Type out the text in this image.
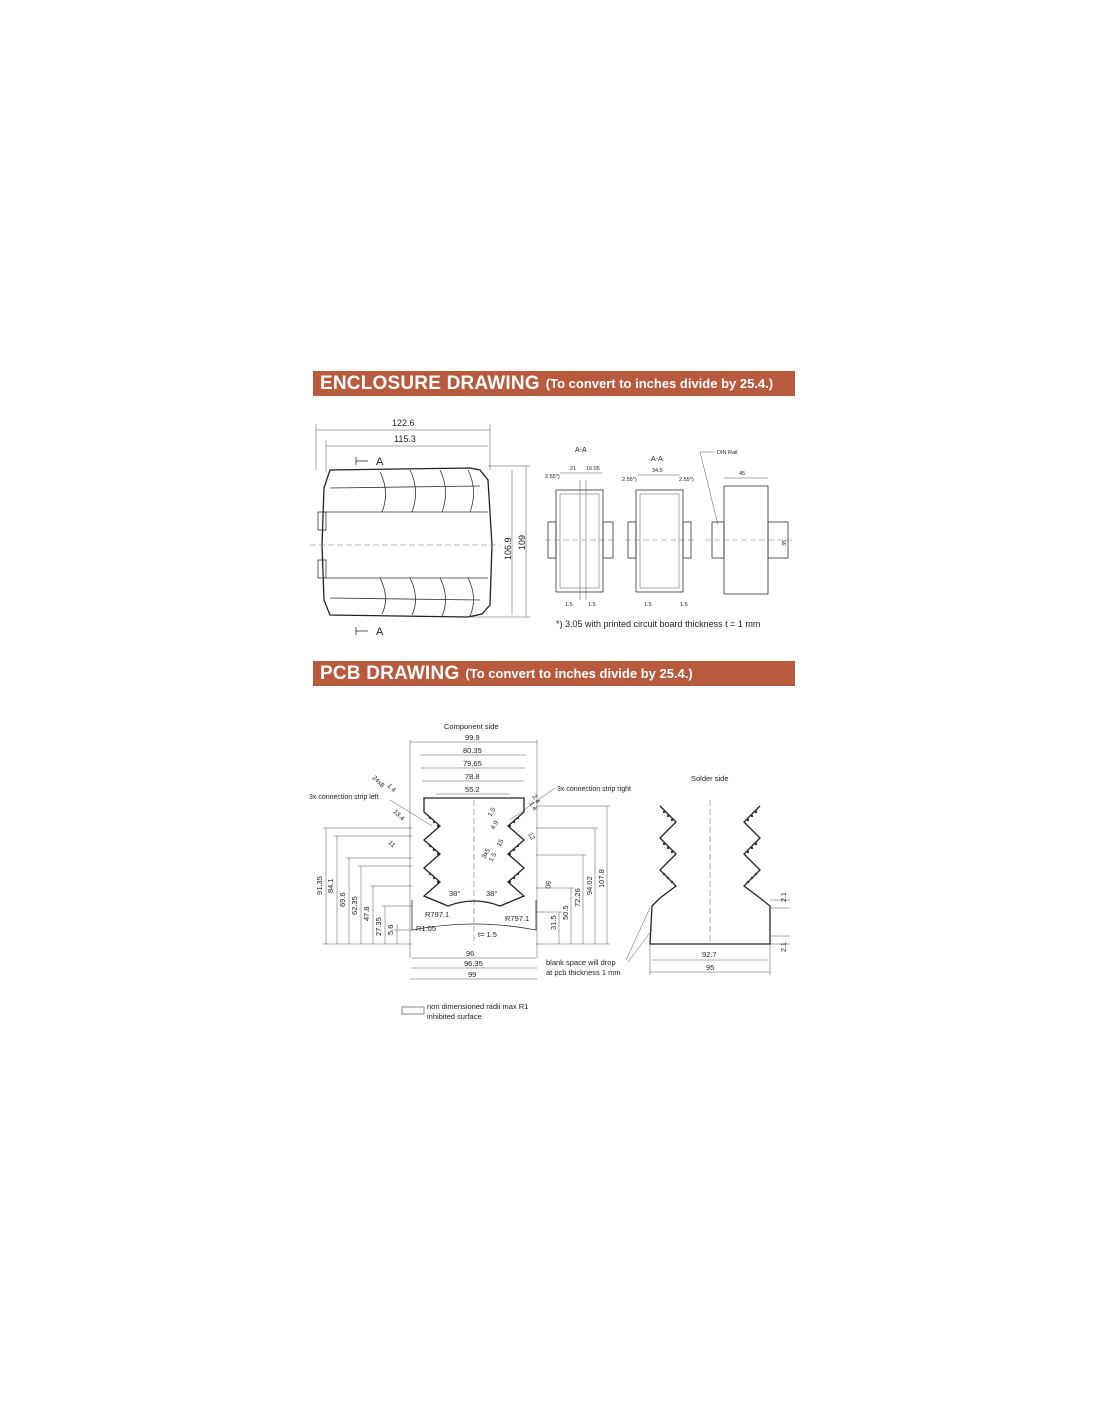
ENCLOSURE DRAWING (To convert to inches divide by 25.4.)
PCB DRAWING (To convert to inches divide by 25.4.)
122.6
115.3
106.9 109
A
A
A-A
2.55*)
21 16.05
1.5	1.5
A-A
2.55*)
34.5
2.55*)
1.5	1.5
DIN Rail
45
35
*) 3.05 with printed circuit board thickness t = 1 mm
Component side
99.9
80.35
79.65
78.8
55.2
3x connection strip left
3x connection strip right
24x8 1.4
13.4
11
3.4
1.4
1.5
4.9
15
12
3x5
1.5
91.35 84.1
69.6 62.35 47.8
27.35 5.6	31.5
50.5
72.26
94.02 107.8
06
38°	38°
R797.1	R797.1
R1.05
t= 1.5
96
96.35
99
Solder side
2.1
2.1
92.7
95
blank space will drop
at pcb thickness 1 mm
non dimensioned radii max R1
inhibited surface
